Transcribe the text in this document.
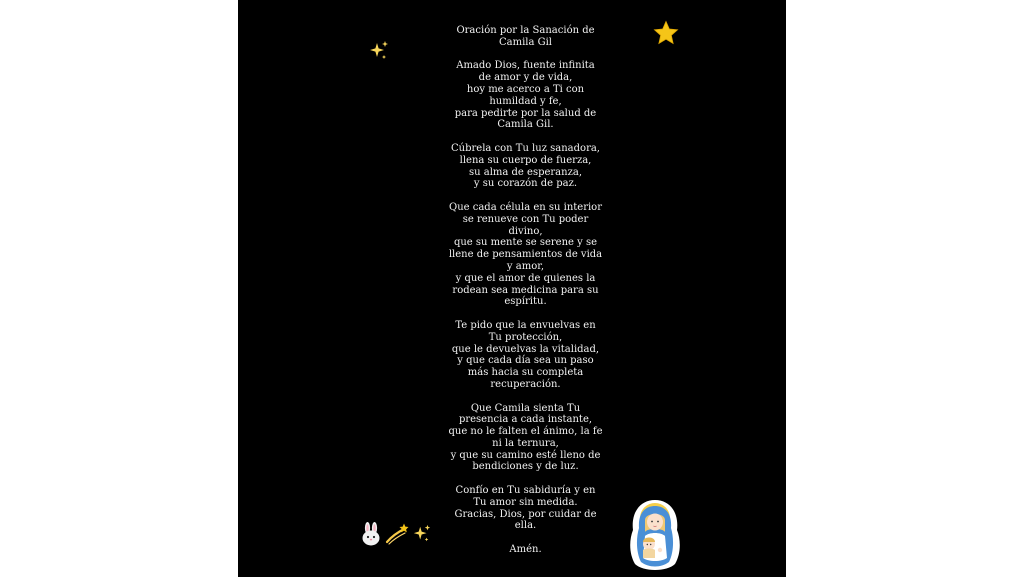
Oración por la Sanación de
Camila Gil
Amado Dios, fuente infinita
de amor y de vida,
hoy me acerco a Ti con
humildad y fe,
para pedirte por la salud de
Camila Gil.
Cúbrela con Tu luz sanadora,
llena su cuerpo de fuerza,
su alma de esperanza,
y su corazón de paz.
Que cada célula en su interior
se renueve con Tu poder
divino,
que su mente se serene y se
llene de pensamientos de vida
y amor,
y que el amor de quienes la
rodean sea medicina para su
espíritu.
Te pido que la envuelvas en
Tu protección,
que le devuelvas la vitalidad,
y que cada día sea un paso
más hacia su completa
recuperación.
Que Camila sienta Tu
presencia a cada instante,
que no le falten el ánimo, la fe
ni la ternura,
y que su camino esté lleno de
bendiciones y de luz.
Confío en Tu sabiduría y en
Tu amor sin medida.
Gracias, Dios, por cuidar de
ella.
Amén.
